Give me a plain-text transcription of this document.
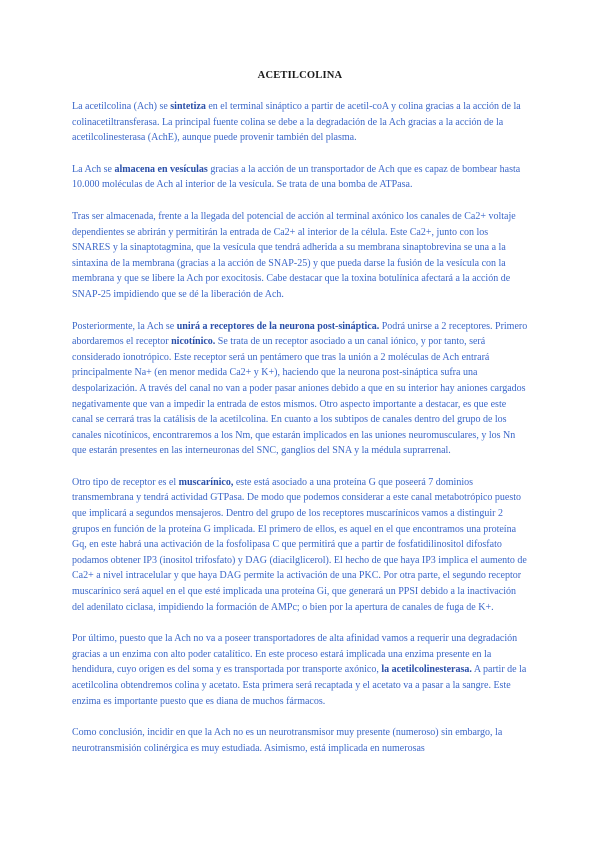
ACETILCOLINA

La acetilcolina (Ach) se sintetiza en el terminal sináptico a partir de acetil-coA y colina gracias a la acción de la colinacetiltransferasa. La principal fuente colina se debe a la degradación de la Ach gracias a la acción de la acetilcolinesterasa (AchE), aunque puede provenir también del plasma.

La Ach se almacena en vesículas gracias a la acción de un transportador de Ach que es capaz de bombear hasta 10.000 moléculas de Ach al interior de la vesícula. Se trata de una bomba de ATPasa.

Tras ser almacenada, frente a la llegada del potencial de acción al terminal axónico los canales de Ca2+ voltaje dependientes se abrirán y permitirán la entrada de Ca2+ al interior de la célula. Este Ca2+, junto con los SNARES y la sinaptotagmina, que la vesícula que tendrá adherida a su membrana sinaptobrevina se una a la sintaxina de la membrana (gracias a la acción de SNAP-25) y que pueda darse la fusión de la vesícula con la membrana y que se libere la Ach por exocitosis. Cabe destacar que la toxina botulínica afectará a la acción de SNAP-25 impidiendo que se dé la liberación de Ach.

Posteriormente, la Ach se unirá a receptores de la neurona post-sináptica. Podrá unirse a 2 receptores. Primero abordaremos el receptor nicotínico. Se trata de un receptor asociado a un canal iónico, y por tanto, será considerado ionotrópico. Este receptor será un pentámero que tras la unión a 2 moléculas de Ach entrará principalmente Na+ (en menor medida Ca2+ y K+), haciendo que la neurona post-sináptica sufra una despolarización. A través del canal no van a poder pasar aniones debido a que en su interior hay aniones cargados negativamente que van a impedir la entrada de estos mismos. Otro aspecto importante a destacar, es que este canal se cerrará tras la catálisis de la acetilcolina. En cuanto a los subtipos de canales dentro del grupo de los canales nicotínicos, encontraremos a los Nm, que estarán implicados en las uniones neuromusculares, y los Nn que estarán presentes en las interneuronas del SNC, ganglios del SNA y la médula suprarrenal.

Otro tipo de receptor es el muscarínico, este está asociado a una proteína G que poseerá 7 dominios transmembrana y tendrá actividad GTPasa. De modo que podemos considerar a este canal metabotrópico puesto que implicará a segundos mensajeros. Dentro del grupo de los receptores muscarínicos vamos a distinguir 2 grupos en función de la proteína G implicada. El primero de ellos, es aquel en el que encontramos una proteína Gq, en este habrá una activación de la fosfolipasa C que permitirá que a partir de fosfatidilinositol difosfato podamos obtener IP3 (inositol trifosfato) y DAG (diacilglicerol). El hecho de que haya IP3 implica el aumento de Ca2+ a nivel intracelular y que haya DAG permite la activación de una PKC. Por otra parte, el segundo receptor muscarínico será aquel en el que esté implicada una proteína Gi, que generará un PPSI debido a la inactivación del adenilato ciclasa, impidiendo la formación de AMPc; o bien por la apertura de canales de fuga de K+.

Por último, puesto que la Ach no va a poseer transportadores de alta afinidad vamos a requerir una degradación gracias a un enzima con alto poder catalítico. En este proceso estará implicada una enzima presente en la hendidura, cuyo origen es del soma y es transportada por transporte axónico, la acetilcolinesterasa. A partir de la acetilcolina obtendremos colina y acetato. Esta primera será recaptada y el acetato va a pasar a la sangre. Este enzima es importante puesto que es diana de muchos fármacos.

Como conclusión, incidir en que la Ach no es un neurotransmisor muy presente (numeroso) sin embargo, la neurotransmisión colinérgica es muy estudiada. Asimismo, está implicada en numerosas
